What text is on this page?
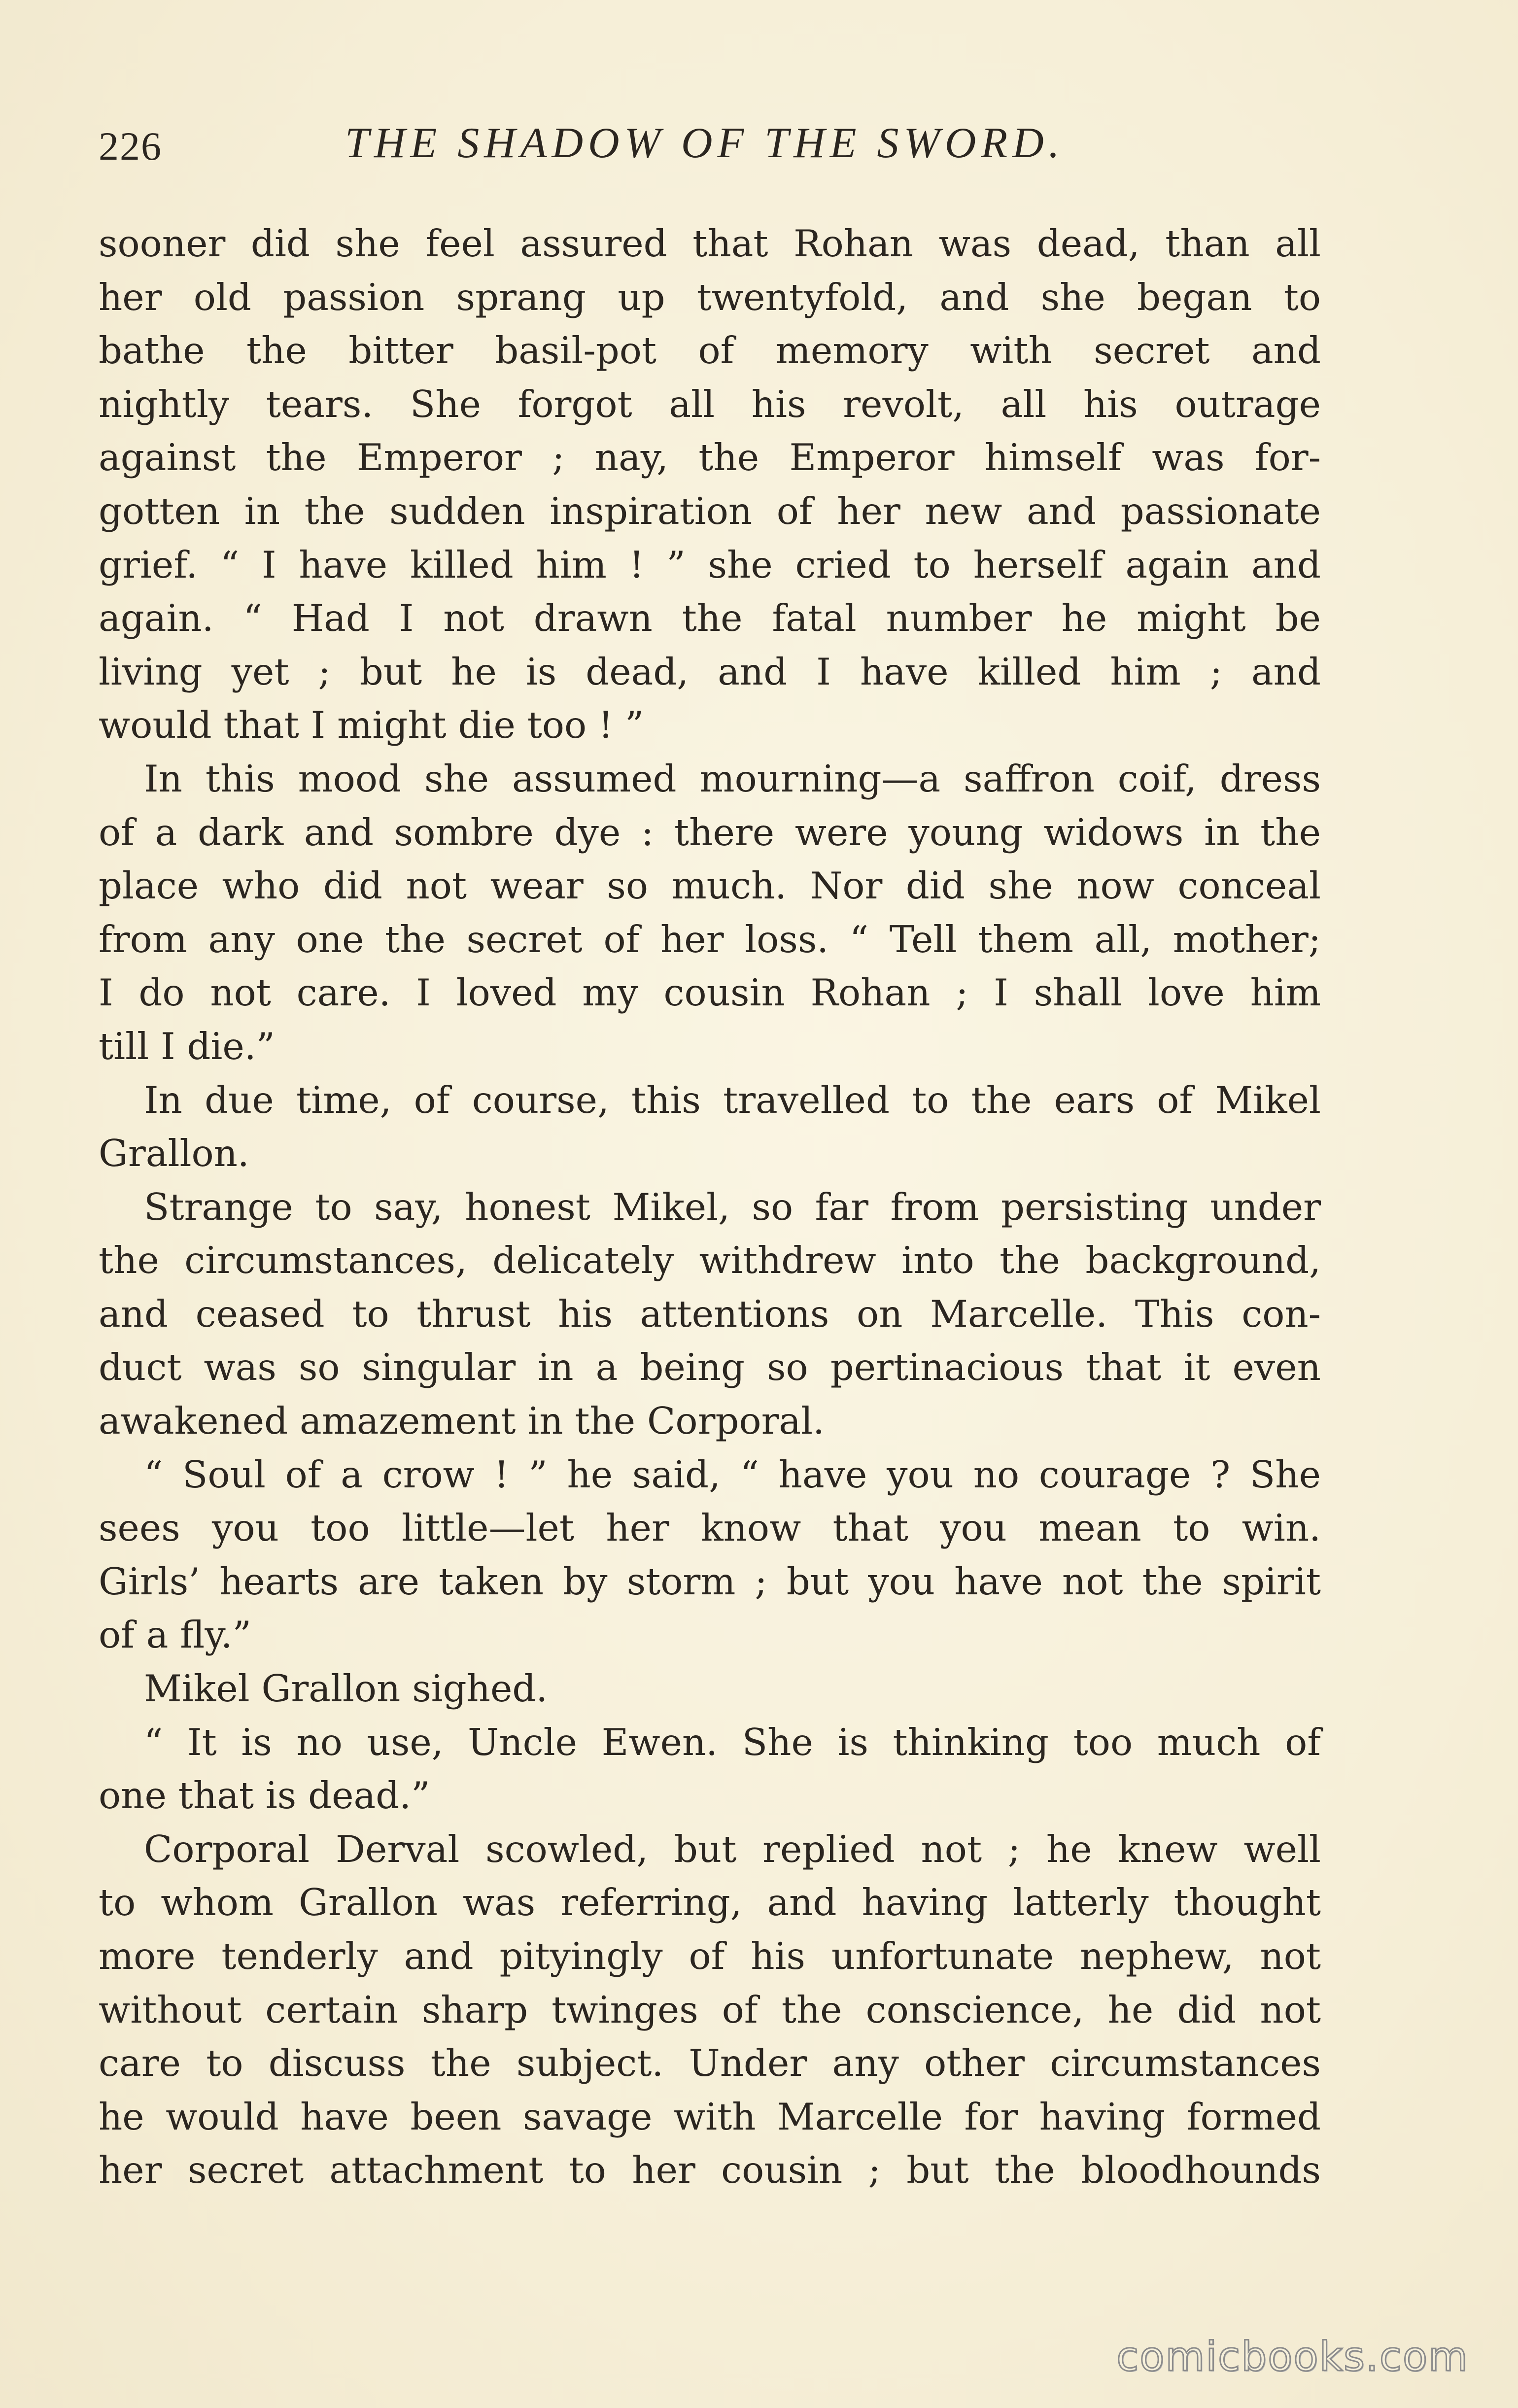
226	THE SHADOW OF THE SWORD.
sooner did she feel assured that Rohan was dead, than all
her old passion sprang up twentyfold, and she began to
bathe the bitter basil-pot of memory with secret and
nightly tears. She forgot all his revolt, all his outrage
against the Emperor ; nay, the Emperor himself was for-
gotten in the sudden inspiration of her new and passionate
grief. “ I have killed him ! ” she cried to herself again and
again. “ Had I not drawn the fatal number he might be
living yet ; but he is dead, and I have killed him ; and
would that I might die too ! ”
In this mood she assumed mourning—a saffron coif, dress
of a dark and sombre dye : there were young widows in the
place who did not wear so much. Nor did she now conceal
from any one the secret of her loss. “ Tell them all, mother;
I do not care. I loved my cousin Rohan ; I shall love him
till I die.”
In due time, of course, this travelled to the ears of Mikel
Grallon.
Strange to say, honest Mikel, so far from persisting under
the circumstances, delicately withdrew into the background,
and ceased to thrust his attentions on Marcelle. This con-
duct was so singular in a being so pertinacious that it even
awakened amazement in the Corporal.
“ Soul of a crow ! ” he said, “ have you no courage ? She
sees you too little—let her know that you mean to win.
Girls’ hearts are taken by storm ; but you have not the spirit
of a fly.”
Mikel Grallon sighed.
“ It is no use, Uncle Ewen. She is thinking too much of
one that is dead.”
Corporal Derval scowled, but replied not ; he knew well
to whom Grallon was referring, and having latterly thought
more tenderly and pityingly of his unfortunate nephew, not
without certain sharp twinges of the conscience, he did not
care to discuss the subject. Under any other circumstances
he would have been savage with Marcelle for having formed
her secret attachment to her cousin ; but the bloodhounds
comicbooks.com
